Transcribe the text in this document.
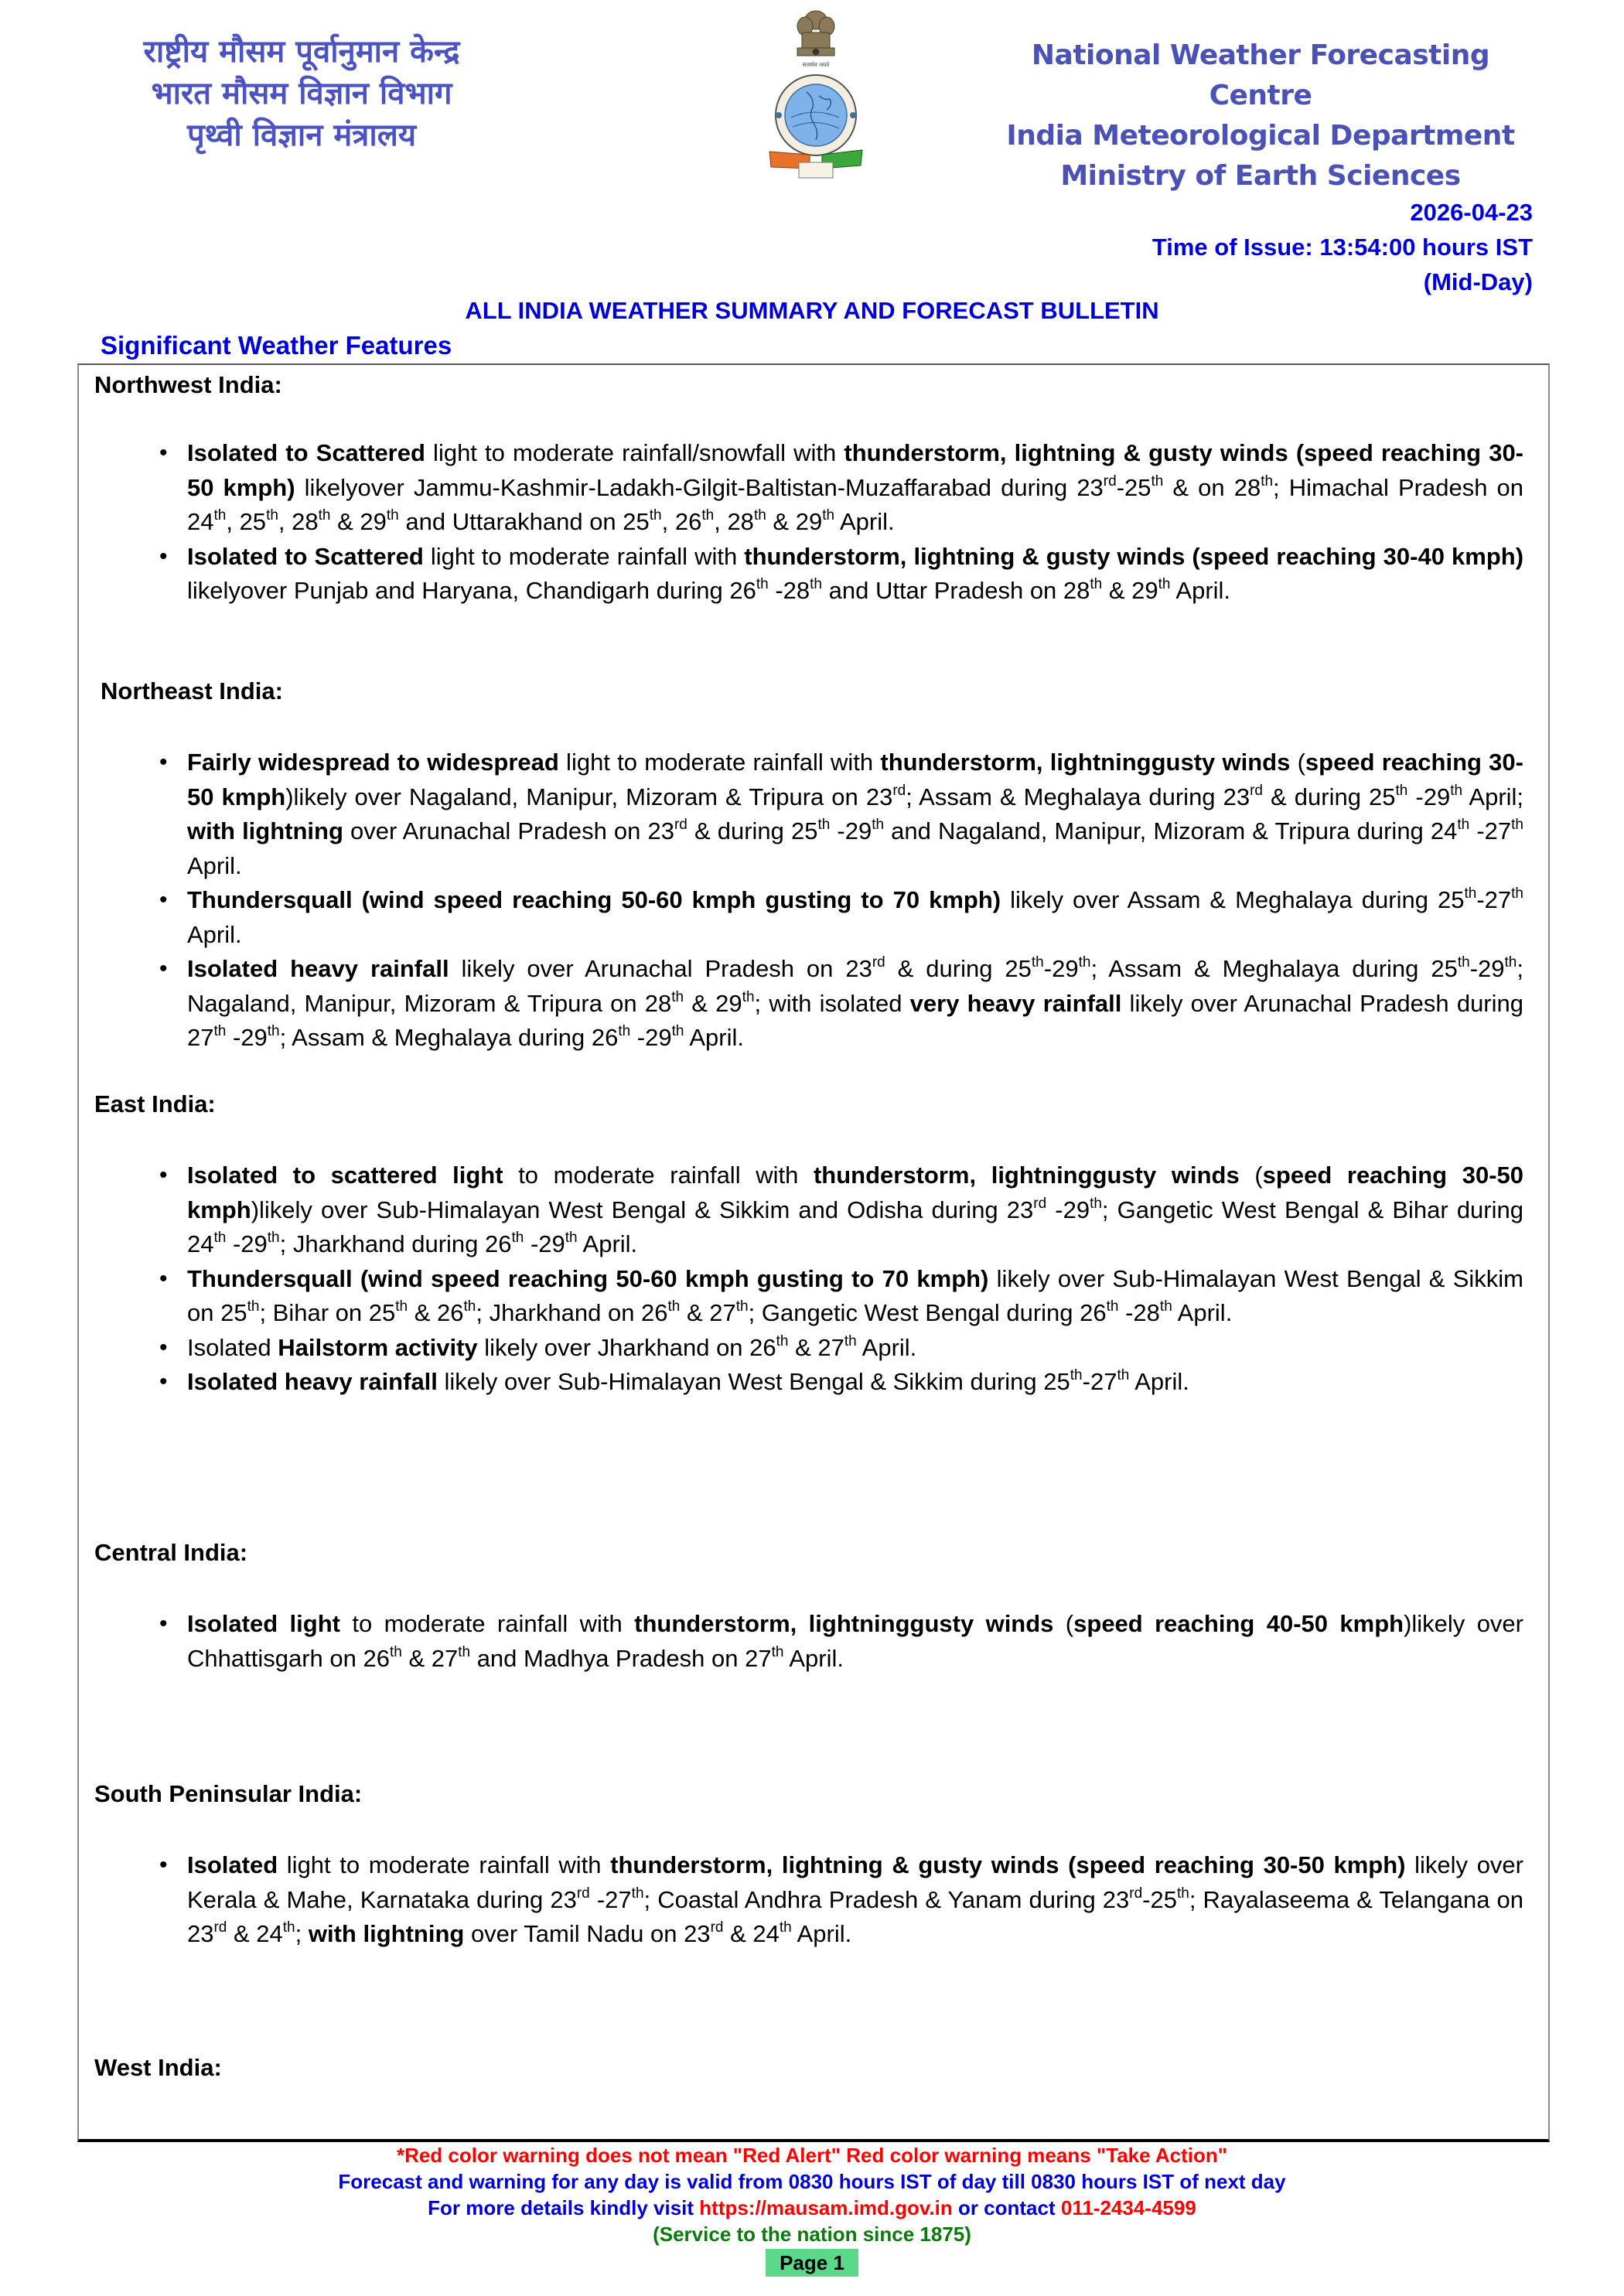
राष्ट्रीय मौसम पूर्वानुमान केन्द्र
भारत मौसम विज्ञान विभाग
पृथ्वी विज्ञान मंत्रालय
सत्यमेव जयते	National Weather Forecasting Centre
India Meteorological Department
Ministry of Earth Sciences
2026-04-23
Time of Issue: 13:54:00 hours IST
(Mid-Day)
ALL INDIA WEATHER SUMMARY AND FORECAST BULLETIN
Significant Weather Features
Northwest India:
• Isolated to Scattered light to moderate rainfall/snowfall with thunderstorm, lightning & gusty winds (speed reaching 30-50 kmph) likelyover Jammu-Kashmir-Ladakh-Gilgit-Baltistan-Muzaffarabad during 23rd-25th & on 28th; Himachal Pradesh on 24th, 25th, 28th & 29th and Uttarakhand on 25th, 26th, 28th & 29th April.
• Isolated to Scattered light to moderate rainfall with thunderstorm, lightning & gusty winds (speed reaching 30-40 kmph) likelyover Punjab and Haryana, Chandigarh during 26th -28th and Uttar Pradesh on 28th & 29th April.
Northeast India:
• Fairly widespread to widespread light to moderate rainfall with thunderstorm, lightninggusty winds (speed reaching 30-50 kmph)likely over Nagaland, Manipur, Mizoram & Tripura on 23rd; Assam & Meghalaya during 23rd & during 25th -29th April; with lightning over Arunachal Pradesh on 23rd & during 25th -29th and Nagaland, Manipur, Mizoram & Tripura during 24th -27th April.
• Thundersquall (wind speed reaching 50-60 kmph gusting to 70 kmph) likely over Assam & Meghalaya during 25th-27th April.
• Isolated heavy rainfall likely over Arunachal Pradesh on 23rd & during 25th-29th; Assam & Meghalaya during 25th-29th; Nagaland, Manipur, Mizoram & Tripura on 28th & 29th; with isolated very heavy rainfall likely over Arunachal Pradesh during 27th -29th; Assam & Meghalaya during 26th -29th April.
East India:
• Isolated to scattered light to moderate rainfall with thunderstorm, lightninggusty winds (speed reaching 30-50 kmph)likely over Sub-Himalayan West Bengal & Sikkim and Odisha during 23rd -29th; Gangetic West Bengal & Bihar during 24th -29th; Jharkhand during 26th -29th April.
• Thundersquall (wind speed reaching 50-60 kmph gusting to 70 kmph) likely over Sub-Himalayan West Bengal & Sikkim on 25th; Bihar on 25th & 26th; Jharkhand on 26th & 27th; Gangetic West Bengal during 26th -28th April.
• Isolated Hailstorm activity likely over Jharkhand on 26th & 27th April.
• Isolated heavy rainfall likely over Sub-Himalayan West Bengal & Sikkim during 25th-27th April.
Central India:
• Isolated light to moderate rainfall with thunderstorm, lightninggusty winds (speed reaching 40-50 kmph)likely over Chhattisgarh on 26th & 27th and Madhya Pradesh on 27th April.
South Peninsular India:
• Isolated light to moderate rainfall with thunderstorm, lightning & gusty winds (speed reaching 30-50 kmph) likely over Kerala & Mahe, Karnataka during 23rd -27th; Coastal Andhra Pradesh & Yanam during 23rd-25th; Rayalaseema & Telangana on 23rd & 24th; with lightning over Tamil Nadu on 23rd & 24th April.
West India:
*Red color warning does not mean "Red Alert" Red color warning means "Take Action"
Forecast and warning for any day is valid from 0830 hours IST of day till 0830 hours IST of next day
For more details kindly visit https://mausam.imd.gov.in or contact 011-2434-4599
(Service to the nation since 1875)
Page 1
